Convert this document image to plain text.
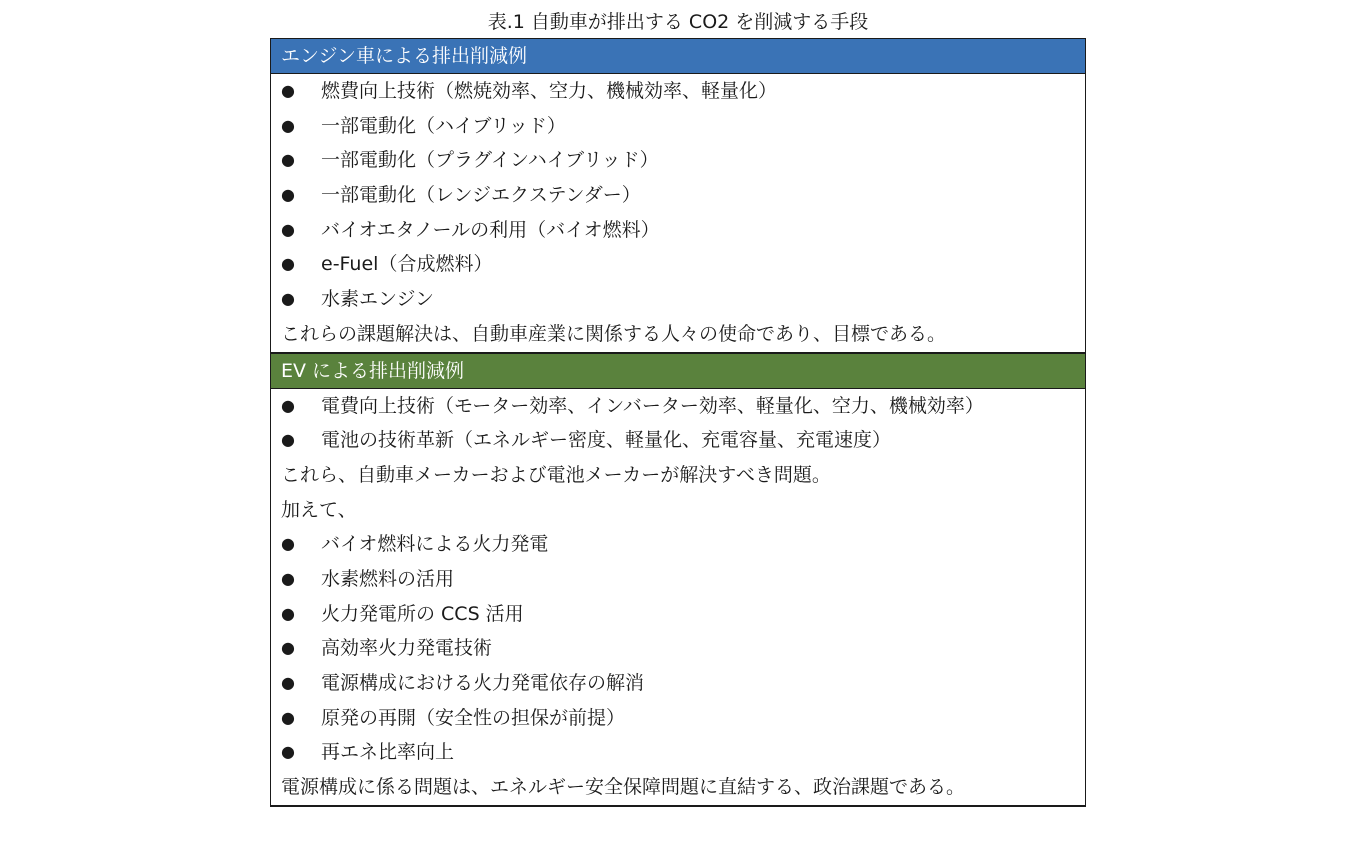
表.1 自動車が排出する CO2 を削減する手段
エンジン車による排出削減例
●	燃費向上技術（燃焼効率、空力、機械効率、軽量化）
●	一部電動化（ハイブリッド）
●	一部電動化（プラグインハイブリッド）
●	一部電動化（レンジエクステンダー）
●	バイオエタノールの利用（バイオ燃料）
●	e-Fuel（合成燃料）
●	水素エンジン
これらの課題解決は、自動車産業に関係する人々の使命であり、目標である。
EV による排出削減例
●	電費向上技術（モーター効率、インバーター効率、軽量化、空力、機械効率）
●	電池の技術革新（エネルギー密度、軽量化、充電容量、充電速度）
これら、自動車メーカーおよび電池メーカーが解決すべき問題。
加えて、
●	バイオ燃料による火力発電
●	水素燃料の活用
●	火力発電所の CCS 活用
●	高効率火力発電技術
●	電源構成における火力発電依存の解消
●	原発の再開（安全性の担保が前提）
●	再エネ比率向上
電源構成に係る問題は、エネルギー安全保障問題に直結する、政治課題である。
